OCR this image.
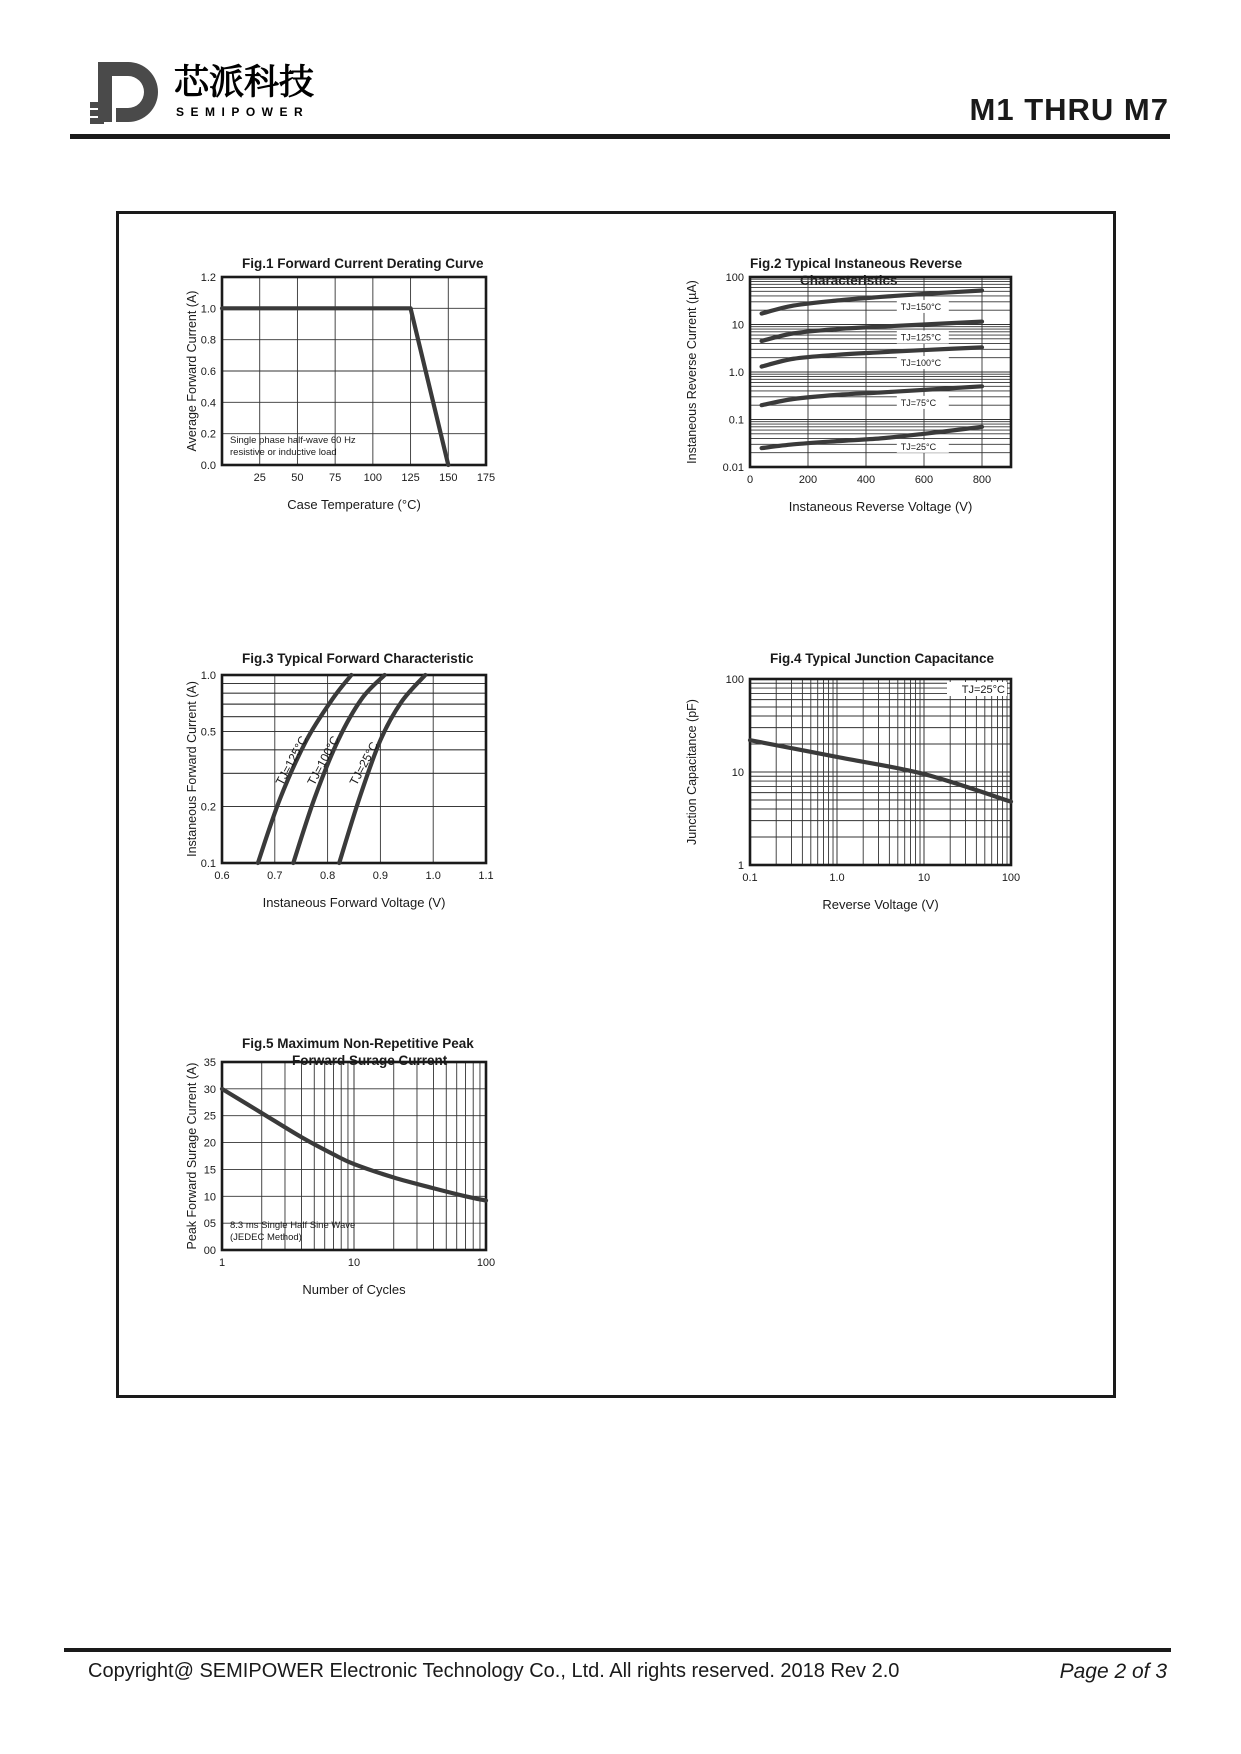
芯派科技
SEMIPOWER	M1 THRU M7
Fig.1 Forward Current Derating Curve
25 50 75 100 125 150 175
0.0
0.2
0.4
0.6
0.8
1.0
1.2
Case Temperature (°C)
Average Forward Current (A)	Single phase half-wave 60 Hz
resistive or inductive load
Fig.2 Typical Instaneous Reverse
Characteristics
0	200	400	600	800
0.01
0.1
1.0
10
100
Instaneous Reverse Voltage (V)
Instaneous Reverse Current (µA)	TJ=150°C
TJ=125°C
TJ=100°C
TJ=75°C
TJ=25°C
Fig.3 Typical Forward Characteristic
0.6	0.7	0.8	0.9	1.0	1.1
0.1
0.2
0.5
1.0
Instaneous Forward Voltage (V)
Instaneous Forward Current (A)	TJ=125°C
TJ=100°C TJ=25°C
Fig.4 Typical Junction Capacitance
0.1	1.0	10	100
1
10
100
Reverse Voltage (V)
Junction Capacitance (pF)
TJ=25°C
Fig.5 Maximum Non-Repetitive Peak
Forward Surage Current
1	10	100
00
05
10
15
20
25
30
35
Number of Cycles
Peak Forward Surage Current (A)	8.3 ms Single Half Sine Wave
(JEDEC Method)
Copyright@ SEMIPOWER Electronic Technology Co., Ltd. All rights reserved. 2018 Rev 2.0	Page 2 of 3
